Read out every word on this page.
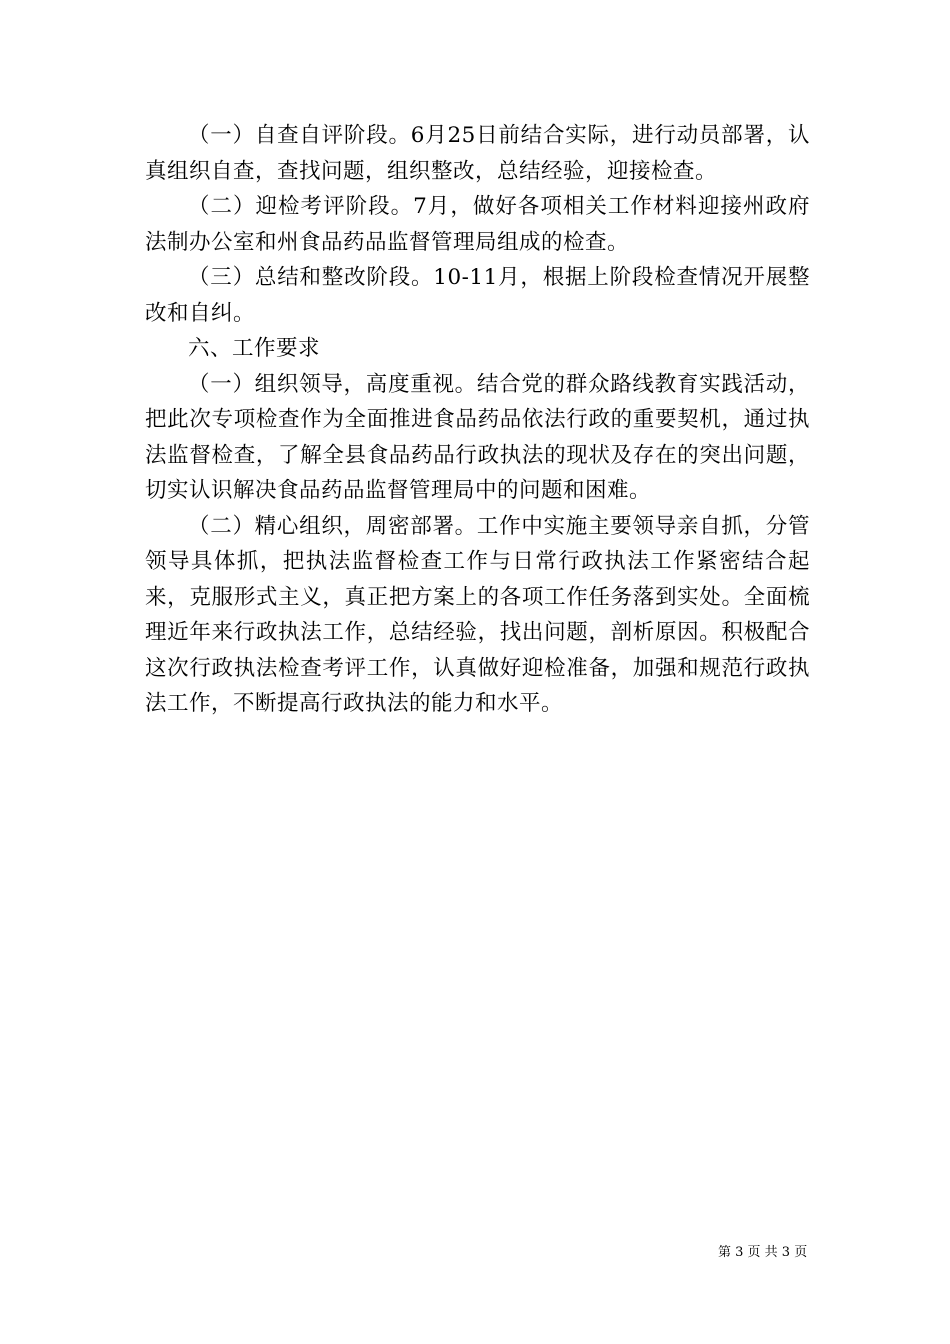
（一）自查自评阶段。6月25日前结合实际，进行动员部署，认真组织自查，查找问题，组织整改，总结经验，迎接检查。

（二）迎检考评阶段。7月，做好各项相关工作材料迎接州政府法制办公室和州食品药品监督管理局组成的检查。

（三）总结和整改阶段。10-11月，根据上阶段检查情况开展整改和自纠。

六、工作要求

（一）组织领导，高度重视。结合党的群众路线教育实践活动，把此次专项检查作为全面推进食品药品依法行政的重要契机，通过执法监督检查，了解全县食品药品行政执法的现状及存在的突出问题，切实认识解决食品药品监督管理局中的问题和困难。

（二）精心组织，周密部署。工作中实施主要领导亲自抓，分管领导具体抓，把执法监督检查工作与日常行政执法工作紧密结合起来，克服形式主义，真正把方案上的各项工作任务落到实处。全面梳理近年来行政执法工作，总结经验，找出问题，剖析原因。积极配合这次行政执法检查考评工作，认真做好迎检准备，加强和规范行政执法工作，不断提高行政执法的能力和水平。

第 3 页 共 3 页
